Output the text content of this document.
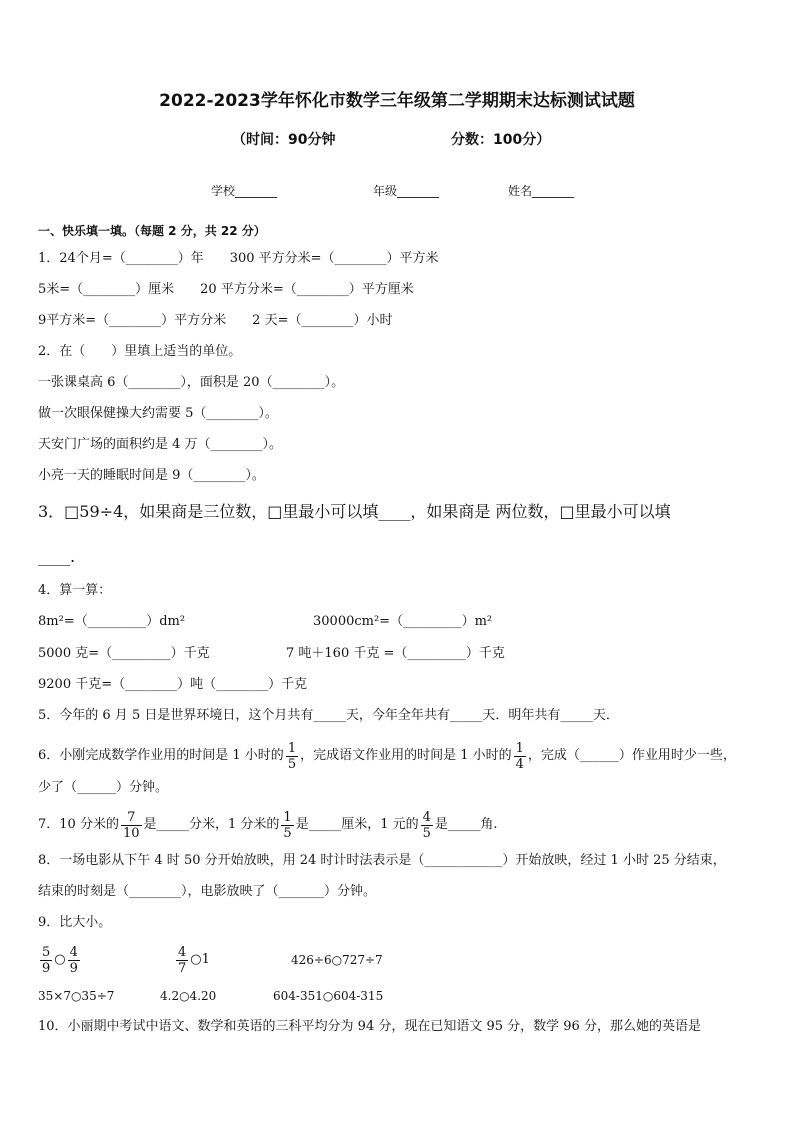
2022-2023学年怀化市数学三年级第二学期期末达标测试试题
（时间：90分钟	分数：100分）
学校_______	年级_______	姓名_______
一、快乐填一填。（每题 2 分，共 22 分）
1．24个月=（________）年　　300 平方分米=（________）平方米
5米=（________）厘米　　20 平方分米=（________）平方厘米
9平方米=（________）平方分米　　2 天=（________）小时
2．在（　　）里填上适当的单位。
一张课桌高 6（________），面积是 20（________）。
做一次眼保健操大约需要 5（________）。
天安门广场的面积约是 4 万（________）。
小亮一天的睡眠时间是 9（________）。
3．□59÷4，如果商是三位数，□里最小可以填____，如果商是 两位数，□里最小可以填
____.
4．算一算：
8m²=（_________）dm²	30000cm²=（_________）m²
5000 克=（_________）千克	7 吨＋160 千克 =（_________）千克
9200 千克=（________）吨（________）千克
5．今年的 6 月 5 日是世界环境日，这个月共有_____天，今年全年共有_____天．明年共有_____天．
6．小刚完成数学作业用的时间是 1 小时的 $\frac{1}{5}$ ，完成语文作业用的时间是 1 小时的 $\frac{1}{4}$ ，完成（______）作业用时少一些，
少了（______）分钟。
7．10 分米的 $\frac{7}{10}$ 是_____分米，1 分米的 $\frac{1}{5}$ 是_____厘米，1 元的 $\frac{4}{5}$ 是_____角.
8．一场电影从下午 4 时 50 分开始放映，用 24 时计时法表示是（____________）开始放映，经过 1 小时 25 分结束，
结束的时刻是（________），电影放映了（_______）分钟。
9．比大小。
$\frac{5}{9}$ ○ $\frac{4}{9}$	$\frac{4}{7}$ ○1	426÷6○727÷7
35×7○35÷7	4.2○4.20	604-351○604-315
10．小丽期中考试中语文、数学和英语的三科平均分为 94 分，现在已知语文 95 分，数学 96 分，那么她的英语是
